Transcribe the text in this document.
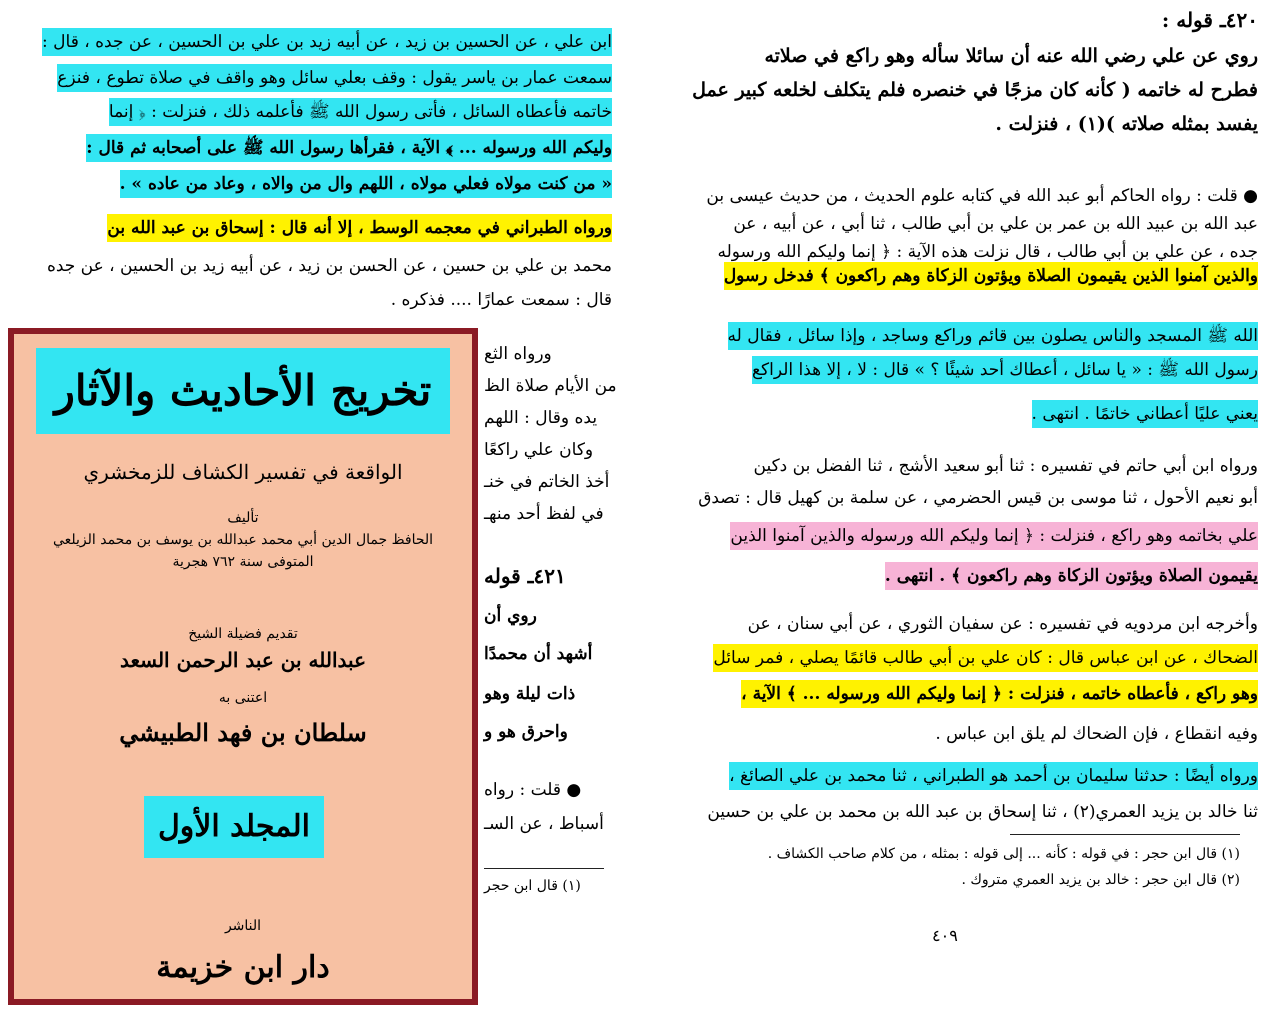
٤٢٠ـ قوله :
روي عن علي رضي الله عنه أن سائلا سأله وهو راكع في صلاته
فطرح له خاتمه ( كأنه كان مزجًا في خنصره فلم يتكلف لخلعه كبير عمل
يفسد بمثله صلاته )(١) ، فنزلت .
● قلت : رواه الحاكم أبو عبد الله في كتابه علوم الحديث ، من حديث عيسى بن
عبد الله بن عبيد الله بن عمر بن علي بن أبي طالب ، ثنا أبي ، عن أبيه ، عن
جده ، عن علي بن أبي طالب ، قال نزلت هذه الآية : ﴿ إنما وليكم الله ورسوله
والذين آمنوا الذين يقيمون الصلاة ويؤتون الزكاة وهم راكعون ﴾ فدخل رسول
الله ﷺ المسجد والناس يصلون بين قائم وراكع وساجد ، وإذا سائل ، فقال له
رسول الله ﷺ : « يا سائل ، أعطاك أحد شيئًا ؟ » قال : لا ، إلا هذا الراكع
يعني عليًا أعطاني خاتمًا . انتهى .
ورواه ابن أبي حاتم في تفسيره : ثنا أبو سعيد الأشج ، ثنا الفضل بن دكين
أبو نعيم الأحول ، ثنا موسى بن قيس الحضرمي ، عن سلمة بن كهيل قال : تصدق
علي بخاتمه وهو راكع ، فنزلت : ﴿ إنما وليكم الله ورسوله والذين آمنوا الذين
يقيمون الصلاة ويؤتون الزكاة وهم راكعون ﴾ . انتهى .
وأخرجه ابن مردويه في تفسيره : عن سفيان الثوري ، عن أبي سنان ، عن
الضحاك ، عن ابن عباس قال : كان علي بن أبي طالب قائمًا يصلي ، فمر سائل
وهو راكع ، فأعطاه خاتمه ، فنزلت : ﴿ إنما وليكم الله ورسوله ... ﴾ الآية ،
وفيه انقطاع ، فإن الضحاك لم يلق ابن عباس .
ورواه أيضًا : حدثنا سليمان بن أحمد هو الطبراني ، ثنا محمد بن علي الصائغ ،
ثنا خالد بن يزيد العمري(٢) ، ثنا إسحاق بن عبد الله بن محمد بن علي بن حسين
(١) قال ابن حجر : في قوله : كأنه ... إلى قوله : بمثله ، من كلام صاحب الكشاف .
(٢) قال ابن حجر : خالد بن يزيد العمري متروك .
٤٠٩
ابن علي ، عن الحسين بن زيد ، عن أبيه زيد بن علي بن الحسين ، عن جده ، قال :
سمعت عمار بن ياسر يقول : وقف بعلي سائل وهو واقف في صلاة تطوع ، فنزع
خاتمه فأعطاه السائل ، فأتى رسول الله ﷺ فأعلمه ذلك ، فنزلت : ﴿ إنما
وليكم الله ورسوله ... ﴾ الآية ، فقرأها رسول الله ﷺ على أصحابه ثم قال :
« من كنت مولاه فعلي مولاه ، اللهم وال من والاه ، وعاد من عاده » .
ورواه الطبراني في معجمه الوسط ، إلا أنه قال : إسحاق بن عبد الله بن
محمد بن علي بن حسين ، عن الحسن بن زيد ، عن أبيه زيد بن الحسين ، عن جده
قال : سمعت عمارًا .... فذكره .
ورواه الثع
من الأيام صلاة الظ
يده وقال : اللهم
وكان علي راكعًا
أخذ الخاتم في خنـ
في لفظ أحد منهـ
٤٢١ـ قوله
روي أن
أشهد أن محمدًا
ذات ليلة وهو
واحرق هو و
● قلت : رواه
أسباط ، عن السـ
(١) قال ابن حجر
تخريج الأحاديث والآثار
الواقعة في تفسير الكشاف للزمخشري
تأليف
الحافظ جمال الدين أبي محمد عبدالله بن يوسف بن محمد الزيلعي
المتوفى سنة ٧٦٢ هجرية
تقديم فضيلة الشيخ
عبدالله بن عبد الرحمن السعد
اعتنى به
سلطان بن فهد الطبيشي
المجلد الأول
الناشر
دار ابن خزيمة
